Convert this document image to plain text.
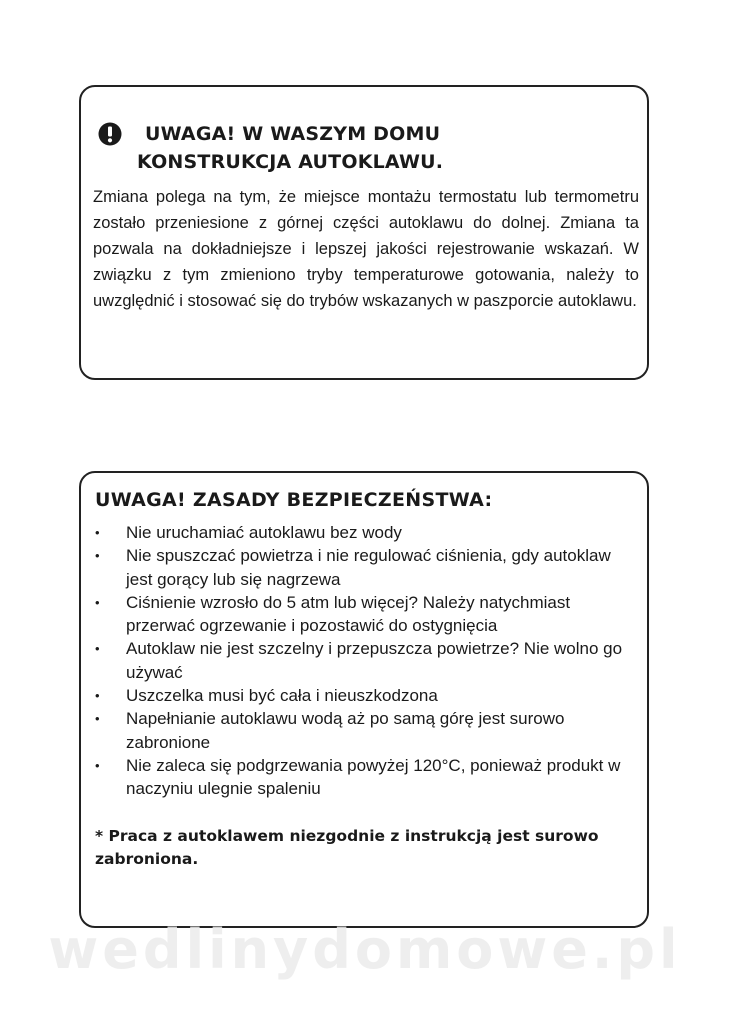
UWAGA! W WASZYM DOMU
KONSTRUKCJA AUTOKLAWU.

Zmiana polega na tym, że miejsce montażu termostatu lub termometru zostało przeniesione z górnej części autoklawu do dolnej. Zmiana ta pozwala na dokładniejsze i lepszej jakości rejestrowanie wskazań. W związku z tym zmieniono tryby temperaturowe gotowania, należy to uwzględnić i stosować się do trybów wskazanych w paszporcie autoklawu.

UWAGA! ZASADY BEZPIECZEŃSTWA:
• Nie uruchamiać autoklawu bez wody
• Nie spuszczać powietrza i nie regulować ciśnienia, gdy autoklaw jest gorący lub się nagrzewa
• Ciśnienie wzrosło do 5 atm lub więcej? Należy natychmiast przerwać ogrzewanie i pozostawić do ostygnięcia
• Autoklaw nie jest szczelny i przepuszcza powietrze? Nie wolno go używać
• Uszczelka musi być cała i nieuszkodzona
• Napełnianie autoklawu wodą aż po samą górę jest surowo zabronione
• Nie zaleca się podgrzewania powyżej 120°C, ponieważ produkt w naczyniu ulegnie spaleniu

* Praca z autoklawem niezgodnie z instrukcją jest surowo zabroniona.

wedlinydomowe.pl
